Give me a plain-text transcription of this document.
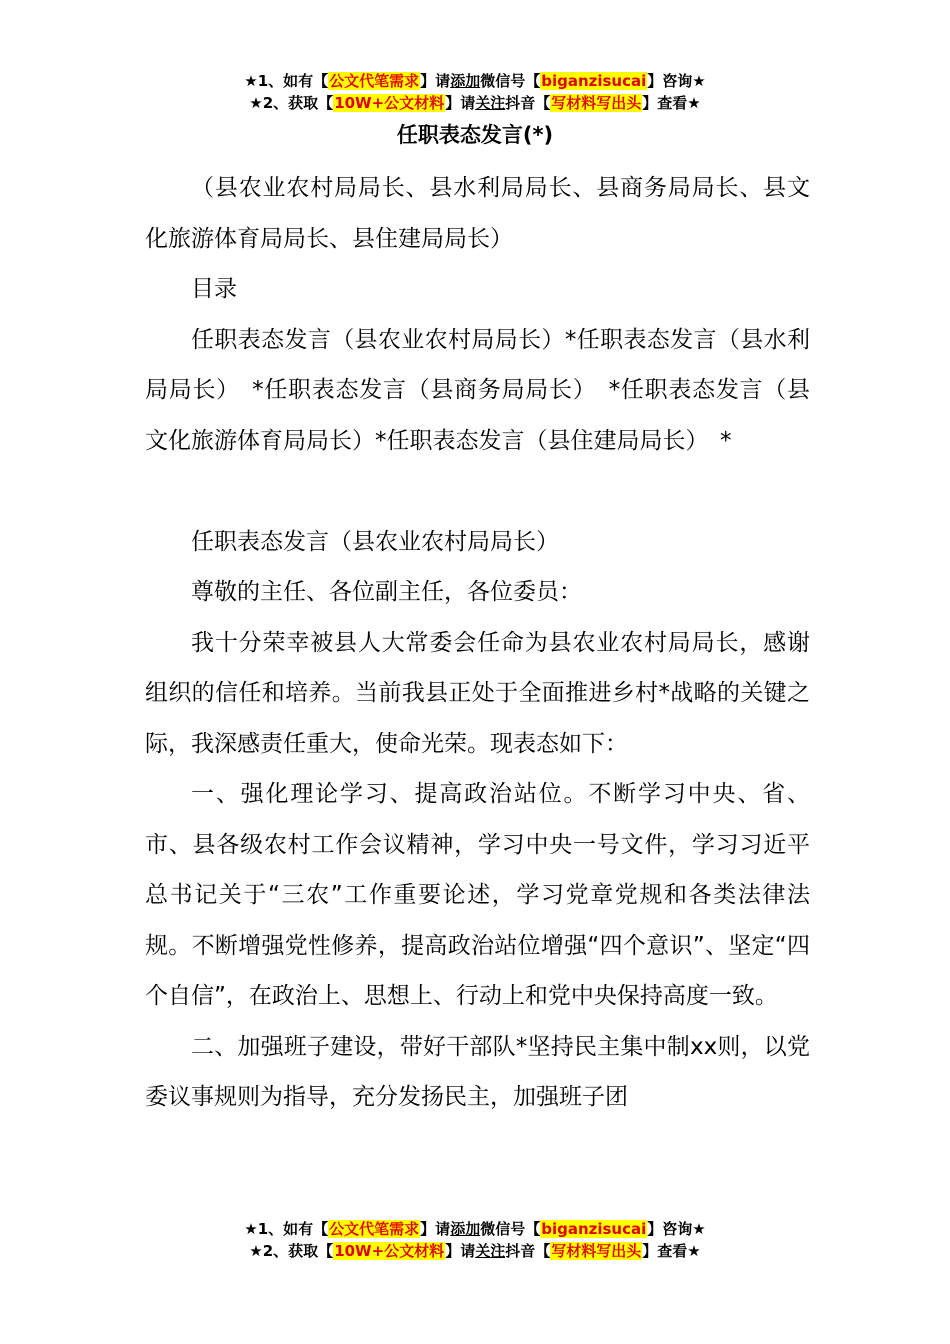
★1、如有【公文代笔需求】请添加微信号【biganzisucai】咨询★
★2、获取【10W+公文材料】请关注抖音【写材料写出头】查看★
任职表态发言(*)

（县农业农村局局长、县水利局局长、县商务局局长、县文化旅游体育局局长、县住建局局长）

目录

任职表态发言（县农业农村局局长）*任职表态发言（县水利局局长）　*任职表态发言（县商务局局长）　*任职表态发言（县文化旅游体育局局长）*任职表态发言（县住建局局长）　*

任职表态发言（县农业农村局局长）

尊敬的主任、各位副主任，各位委员：

我十分荣幸被县人大常委会任命为县农业农村局局长，感谢组织的信任和培养。当前我县正处于全面推进乡村*战略的关键之际，我深感责任重大，使命光荣。现表态如下：

一、强化理论学习、提高政治站位。不断学习中央、省、市、县各级农村工作会议精神，学习中央一号文件，学习习近平总书记关于“三农”工作重要论述，学习党章党规和各类法律法规。不断增强党性修养，提高政治站位增强“四个意识”、坚定“四个自信”，在政治上、思想上、行动上和党中央保持高度一致。

二、加强班子建设，带好干部队*坚持民主集中制xx则，以党委议事规则为指导，充分发扬民主，加强班子团

★1、如有【公文代笔需求】请添加微信号【biganzisucai】咨询★
★2、获取【10W+公文材料】请关注抖音【写材料写出头】查看★
